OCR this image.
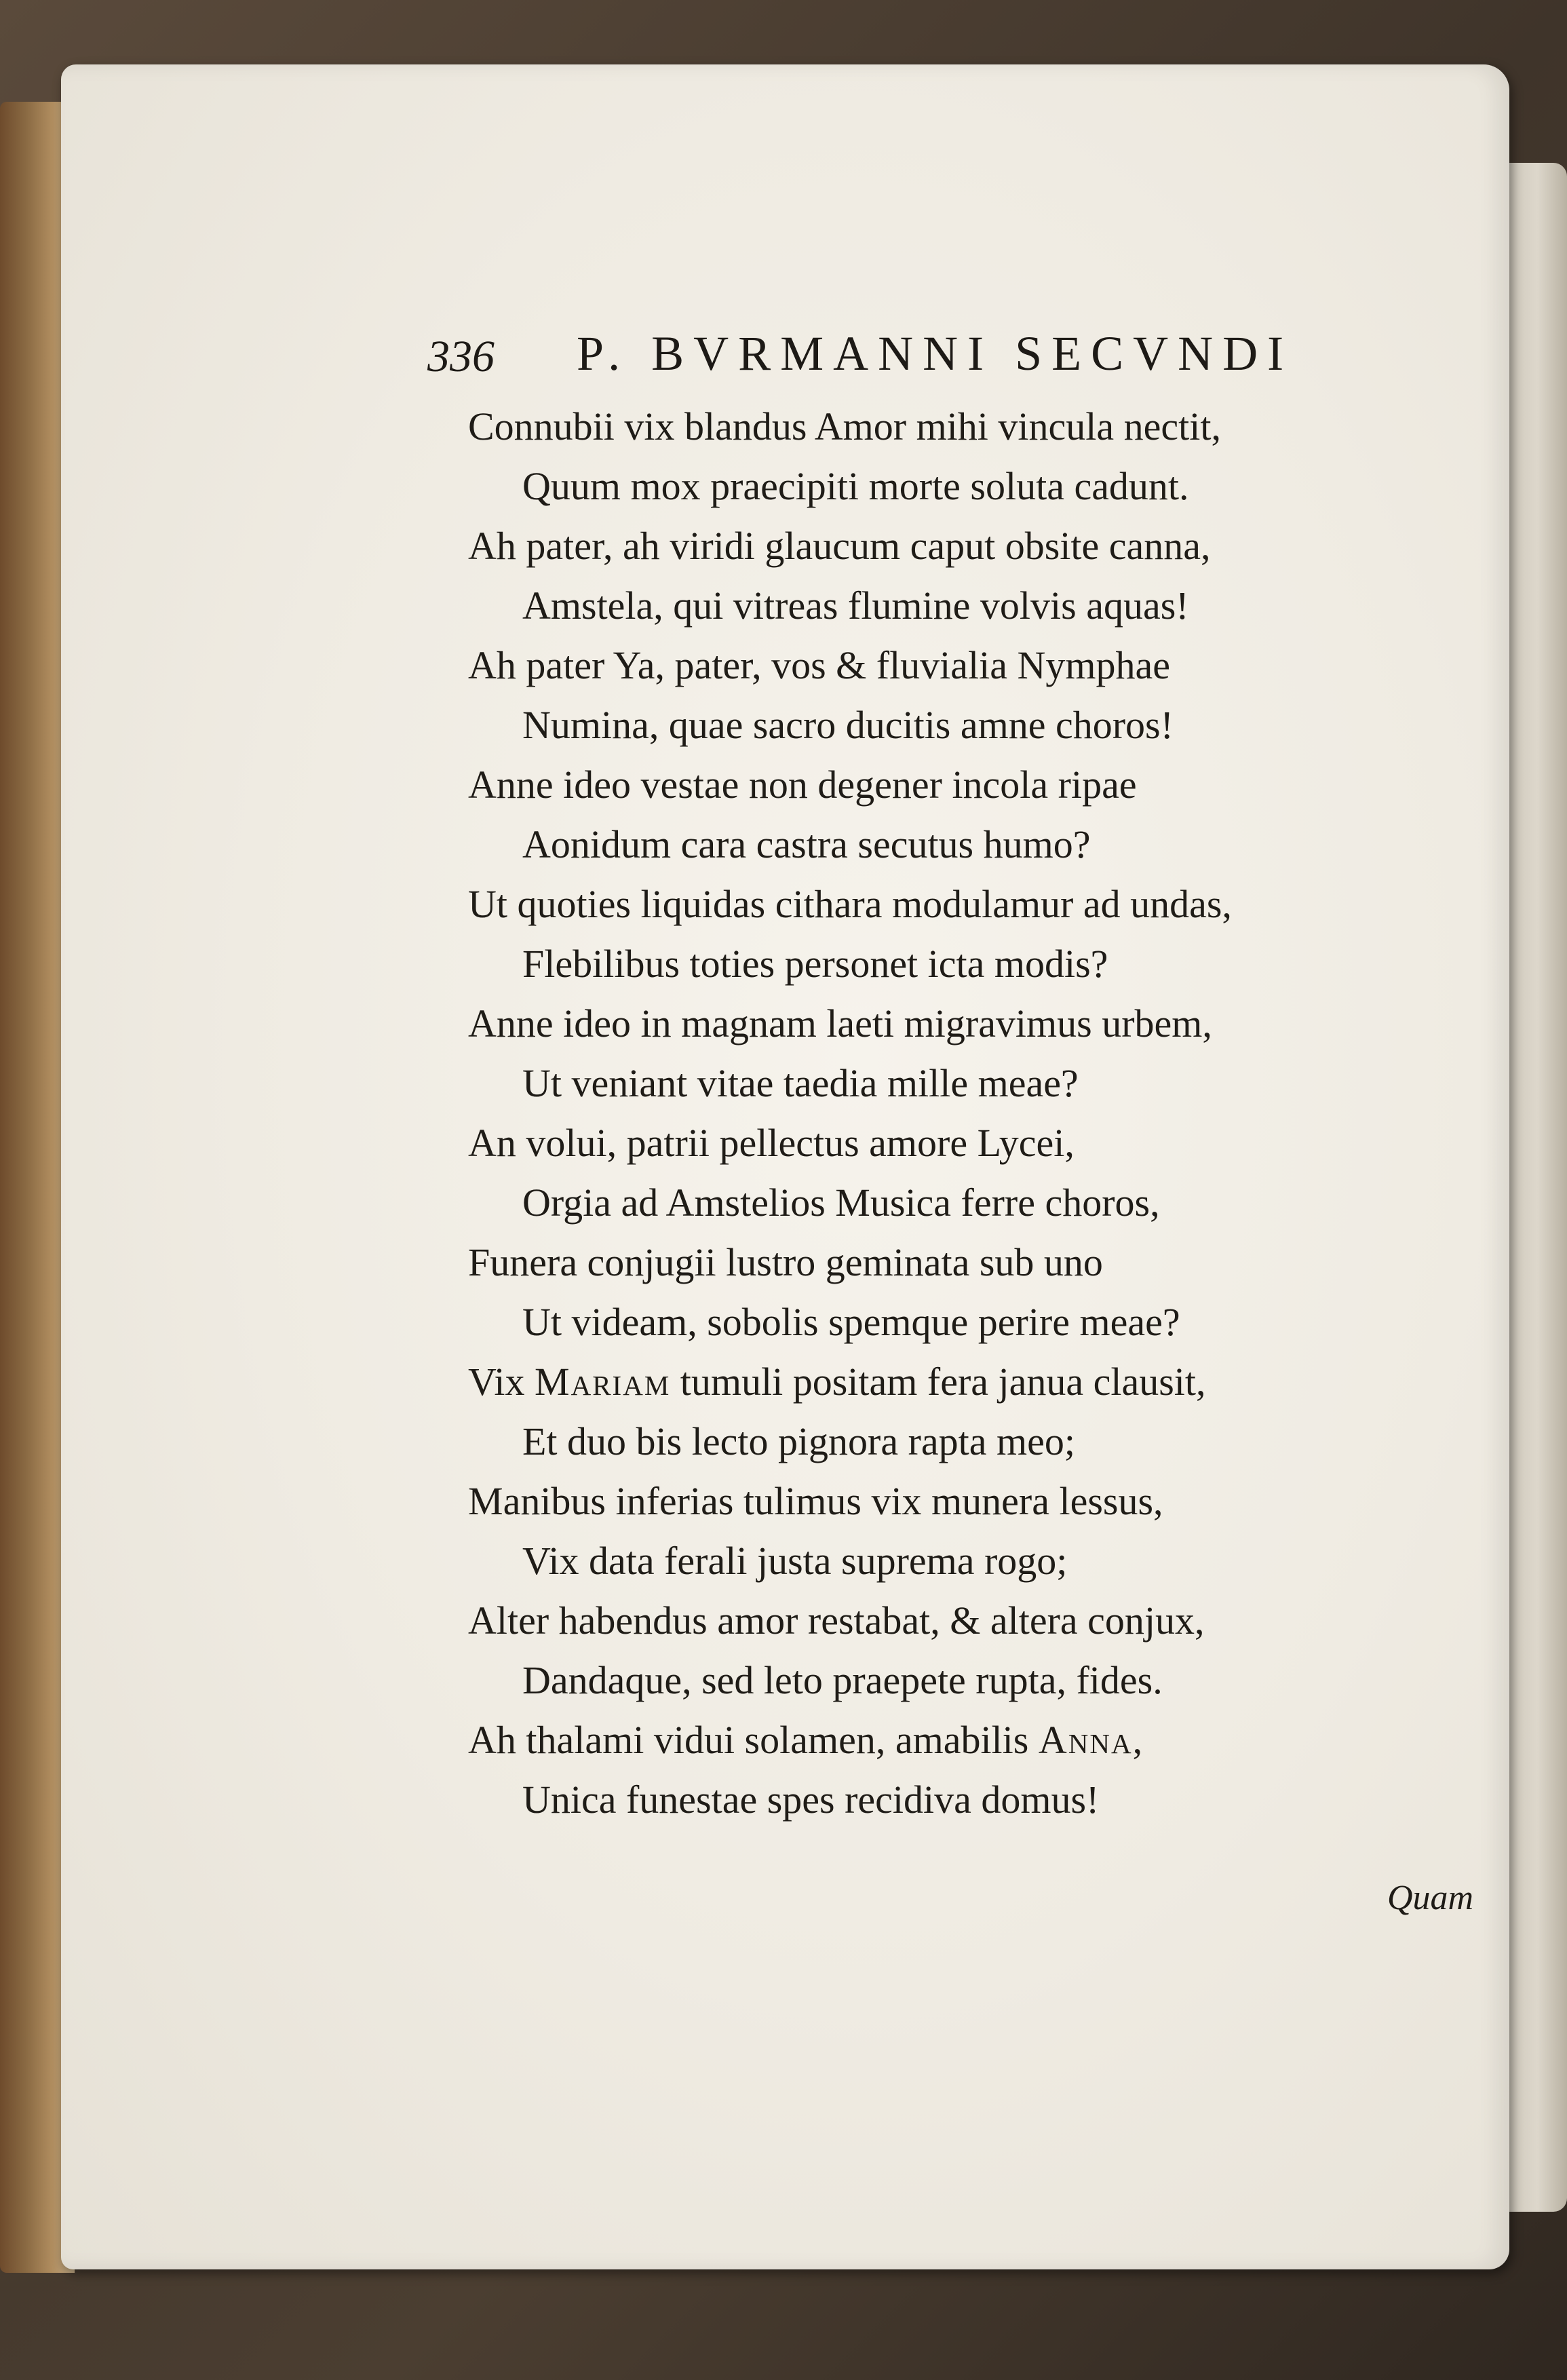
336 P. BVRMANNI SECVNDI
Connubii vix blandus Amor mihi vincula nectit,
Quum mox praecipiti morte soluta cadunt.
Ah pater, ah viridi glaucum caput obsite canna,
Amstela, qui vitreas flumine volvis aquas!
Ah pater Ya, pater, vos & fluvialia Nymphae
Numina, quae sacro ducitis amne choros!
Anne ideo vestae non degener incola ripae
Aonidum cara castra secutus humo?
Ut quoties liquidas cithara modulamur ad undas,
Flebilibus toties personet icta modis?
Anne ideo in magnam laeti migravimus urbem,
Ut veniant vitae taedia mille meae?
An volui, patrii pellectus amore Lycei,
Orgia ad Amstelios Musica ferre choros,
Funera conjugii lustro geminata sub uno
Ut videam, sobolis spemque perire meae?
Vix Mariam tumuli positam fera janua clausit,
Et duo bis lecto pignora rapta meo;
Manibus inferias tulimus vix munera lessus,
Vix data ferali justa suprema rogo;
Alter habendus amor restabat, & altera conjux,
Dandaque, sed leto praepete rupta, fides.
Ah thalami vidui solamen, amabilis Anna,
Unica funestae spes recidiva domus!
Quam
